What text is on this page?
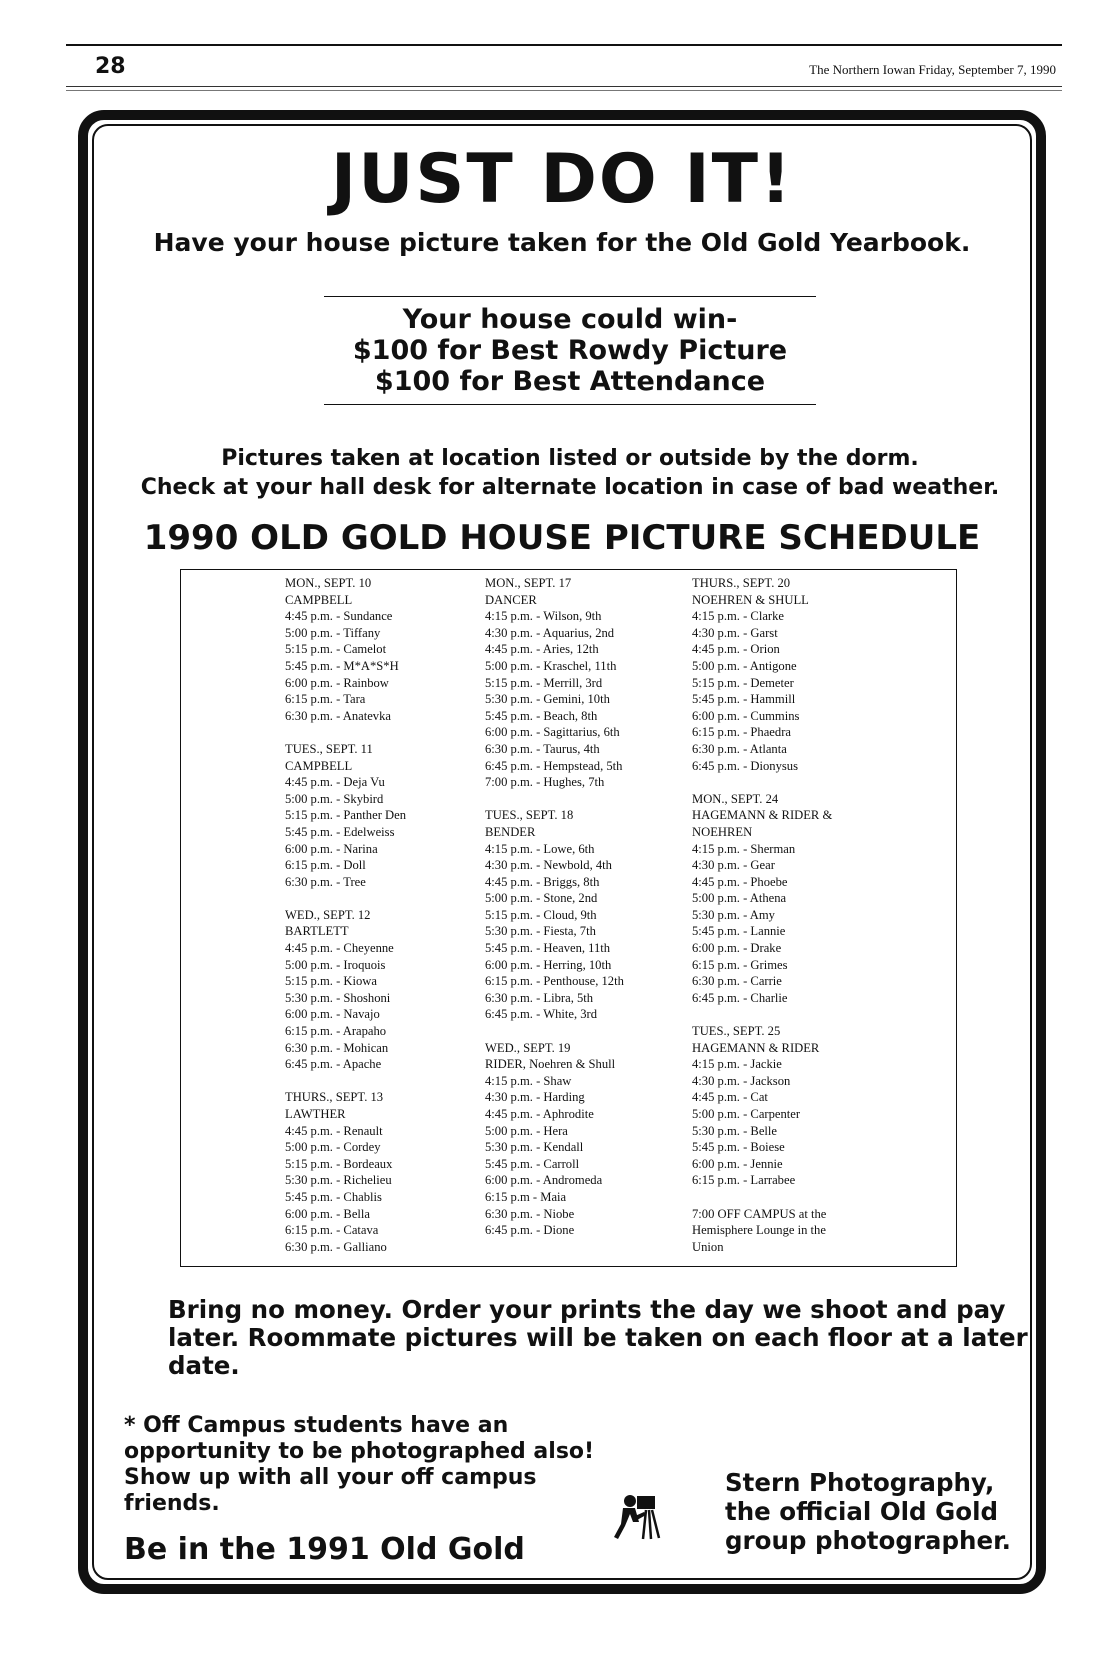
28	The Northern Iowan Friday, September 7, 1990
JUST DO IT!
Have your house picture taken for the Old Gold Yearbook.
Your house could win-
$100 for Best Rowdy Picture
$100 for Best Attendance
Pictures taken at location listed or outside by the dorm.
Check at your hall desk for alternate location in case of bad weather.
1990 OLD GOLD HOUSE PICTURE SCHEDULE
MON., SEPT. 10
CAMPBELL
4:45 p.m. - Sundance
5:00 p.m. - Tiffany
5:15 p.m. - Camelot
5:45 p.m. - M*A*S*H
6:00 p.m. - Rainbow
6:15 p.m. - Tara
6:30 p.m. - Anatevka
TUES., SEPT. 11
CAMPBELL
4:45 p.m. - Deja Vu
5:00 p.m. - Skybird
5:15 p.m. - Panther Den
5:45 p.m. - Edelweiss
6:00 p.m. - Narina
6:15 p.m. - Doll
6:30 p.m. - Tree
WED., SEPT. 12
BARTLETT
4:45 p.m. - Cheyenne
5:00 p.m. - Iroquois
5:15 p.m. - Kiowa
5:30 p.m. - Shoshoni
6:00 p.m. - Navajo
6:15 p.m. - Arapaho
6:30 p.m. - Mohican
6:45 p.m. - Apache
THURS., SEPT. 13
LAWTHER
4:45 p.m. - Renault
5:00 p.m. - Cordey
5:15 p.m. - Bordeaux
5:30 p.m. - Richelieu
5:45 p.m. - Chablis
6:00 p.m. - Bella
6:15 p.m. - Catava
6:30 p.m. - Galliano
MON., SEPT. 17
DANCER
4:15 p.m. - Wilson, 9th
4:30 p.m. - Aquarius, 2nd
4:45 p.m. - Aries, 12th
5:00 p.m. - Kraschel, 11th
5:15 p.m. - Merrill, 3rd
5:30 p.m. - Gemini, 10th
5:45 p.m. - Beach, 8th
6:00 p.m. - Sagittarius, 6th
6:30 p.m. - Taurus, 4th
6:45 p.m. - Hempstead, 5th
7:00 p.m. - Hughes, 7th
TUES., SEPT. 18
BENDER
4:15 p.m. - Lowe, 6th
4:30 p.m. - Newbold, 4th
4:45 p.m. - Briggs, 8th
5:00 p.m. - Stone, 2nd
5:15 p.m. - Cloud, 9th
5:30 p.m. - Fiesta, 7th
5:45 p.m. - Heaven, 11th
6:00 p.m. - Herring, 10th
6:15 p.m. - Penthouse, 12th
6:30 p.m. - Libra, 5th
6:45 p.m. - White, 3rd
WED., SEPT. 19
RIDER, Noehren & Shull
4:15 p.m. - Shaw
4:30 p.m. - Harding
4:45 p.m. - Aphrodite
5:00 p.m. - Hera
5:30 p.m. - Kendall
5:45 p.m. - Carroll
6:00 p.m. - Andromeda
6:15 p.m - Maia
6:30 p.m. - Niobe
6:45 p.m. - Dione
THURS., SEPT. 20
NOEHREN & SHULL
4:15 p.m. - Clarke
4:30 p.m. - Garst
4:45 p.m. - Orion
5:00 p.m. - Antigone
5:15 p.m. - Demeter
5:45 p.m. - Hammill
6:00 p.m. - Cummins
6:15 p.m. - Phaedra
6:30 p.m. - Atlanta
6:45 p.m. - Dionysus
MON., SEPT. 24
HAGEMANN & RIDER &
NOEHREN
4:15 p.m. - Sherman
4:30 p.m. - Gear
4:45 p.m. - Phoebe
5:00 p.m. - Athena
5:30 p.m. - Amy
5:45 p.m. - Lannie
6:00 p.m. - Drake
6:15 p.m. - Grimes
6:30 p.m. - Carrie
6:45 p.m. - Charlie
TUES., SEPT. 25
HAGEMANN & RIDER
4:15 p.m. - Jackie
4:30 p.m. - Jackson
4:45 p.m. - Cat
5:00 p.m. - Carpenter
5:30 p.m. - Belle
5:45 p.m. - Boiese
6:00 p.m. - Jennie
6:15 p.m. - Larrabee
7:00 OFF CAMPUS at the
Hemisphere Lounge in the
Union
Bring no money. Order your prints the day we shoot and pay later. Roommate pictures will be taken on each floor at a later date.
* Off Campus students have an opportunity to be photographed also! Show up with all your off campus friends.
Be in the 1991 Old Gold
Stern Photography,
the official Old Gold
group photographer.
